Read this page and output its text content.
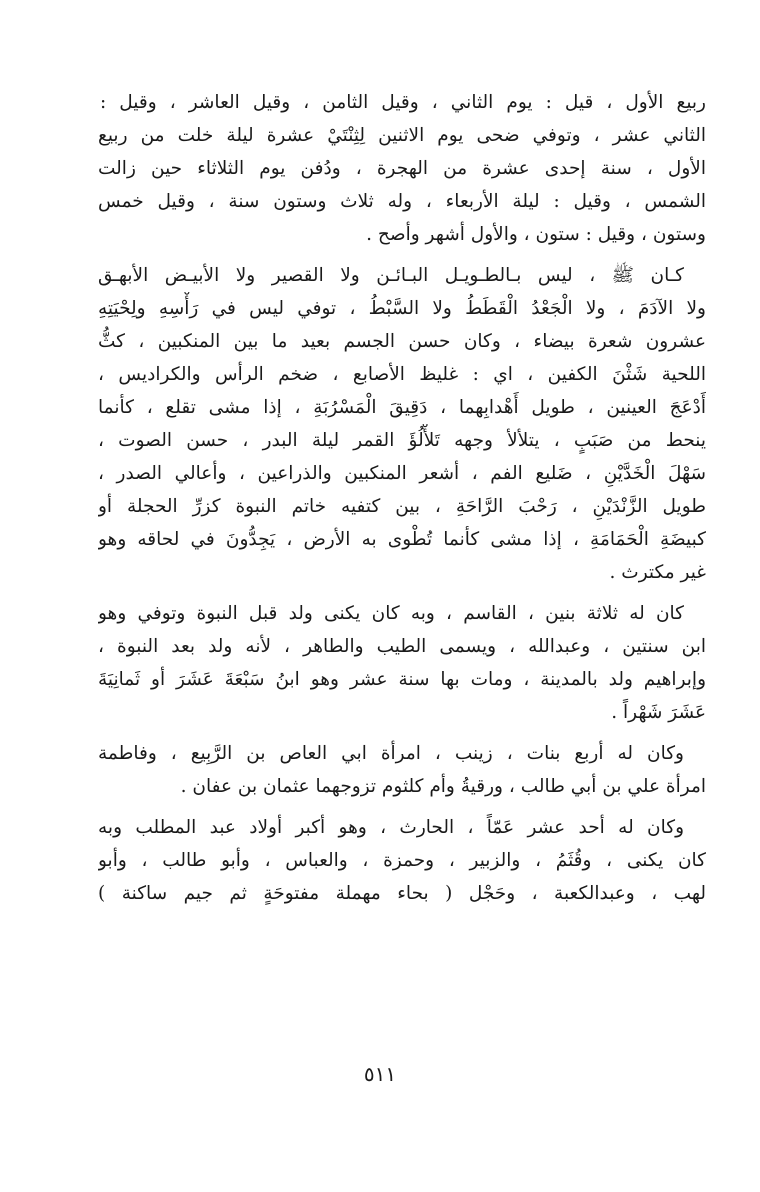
ربيع الأول ، قيل : يوم الثاني ، وقيل الثامن ، وقيل العاشر ، وقيل :
الثاني عشر ، وتوفي ضحى يوم الاثنين لِثِنْتَيْ عشرة ليلة خلت من ربيع
الأول ، سنة إحدى عشرة من الهجرة ، ودُفن يوم الثلاثاء حين زالت
الشمس ، وقيل : ليلة الأربعاء ، وله ثلاث وستون سنة ، وقيل خمس
وستون ، وقيل : ستون ، والأول أشهر وأصح .
كـان ﷺ ، ليس بـالطـويـل البـائـن ولا القصير ولا الأبيـض الأبهـق
ولا الآدَمَ ، ولا الْجَعْدُ الْقَطَطُ ولا السَّبْطُ ، توفي ليس في رَأْسِهِ ولِحْيَتِهِ
عشرون شعرة بيضاء ، وكان حسن الجسم بعيد ما بين المنكبين ، كثُّ
اللحية شَثْنَ الكفين ، اي : غليظ الأصابع ، ضخم الرأس والكراديس ،
أَدْعَجَ العينين ، طويل أَهْدابِهما ، دَقِيقَ الْمَسْرُبَةِ ، إذا مشى تقلع ، كأنما
ينحط من صَبَبٍ ، يتلألأ وجهه تَلأْلُؤَ القمر ليلة البدر ، حسن الصوت ،
سَهْلَ الْخَدَّيْنِ ، ضَليع الفم ، أشعر المنكبين والذراعين ، وأعالي الصدر ،
طويل الزَّنْدَيْنِ ، رَحْبَ الرَّاحَةِ ، بين كتفيه خاتم النبوة كزرِّ الحجلة أو
كبيضَةِ الْحَمَامَةِ ، إذا مشى كأنما تُطْوى به الأرض ، يَجِدُّونَ في لحاقه وهو
غير مكترث .
كان له ثلاثة بنين ، القاسم ، وبه كان يكنى ولد قبل النبوة وتوفي وهو
ابن سنتين ، وعبدالله ، ويسمى الطيب والطاهر ، لأنه ولد بعد النبوة ،
وإبراهيم ولد بالمدينة ، ومات بها سنة عشر وهو ابنُ سَبْعَةَ عَشَرَ أو ثَمانِيَةَ
عَشَرَ شَهْراً .
وكان له أربع بنات ، زينب ، امرأة ابي العاص بن الرَّبِيع ، وفاطمة
امرأة علي بن أبي طالب ، ورقيةُ وأم كلثوم تزوجهما عثمان بن عفان .
وكان له أحد عشر عَمّاً ، الحارث ، وهو أكبر أولاد عبد المطلب وبه
كان يكنى ، وقُثَمُ ، والزبير ، وحمزة ، والعباس ، وأبو طالب ، وأبو
لهب ، وعبدالكعبة ، وحَجْل ( بحاء مهملة مفتوحَةٍ ثم جيم ساكنة )
٥١١
